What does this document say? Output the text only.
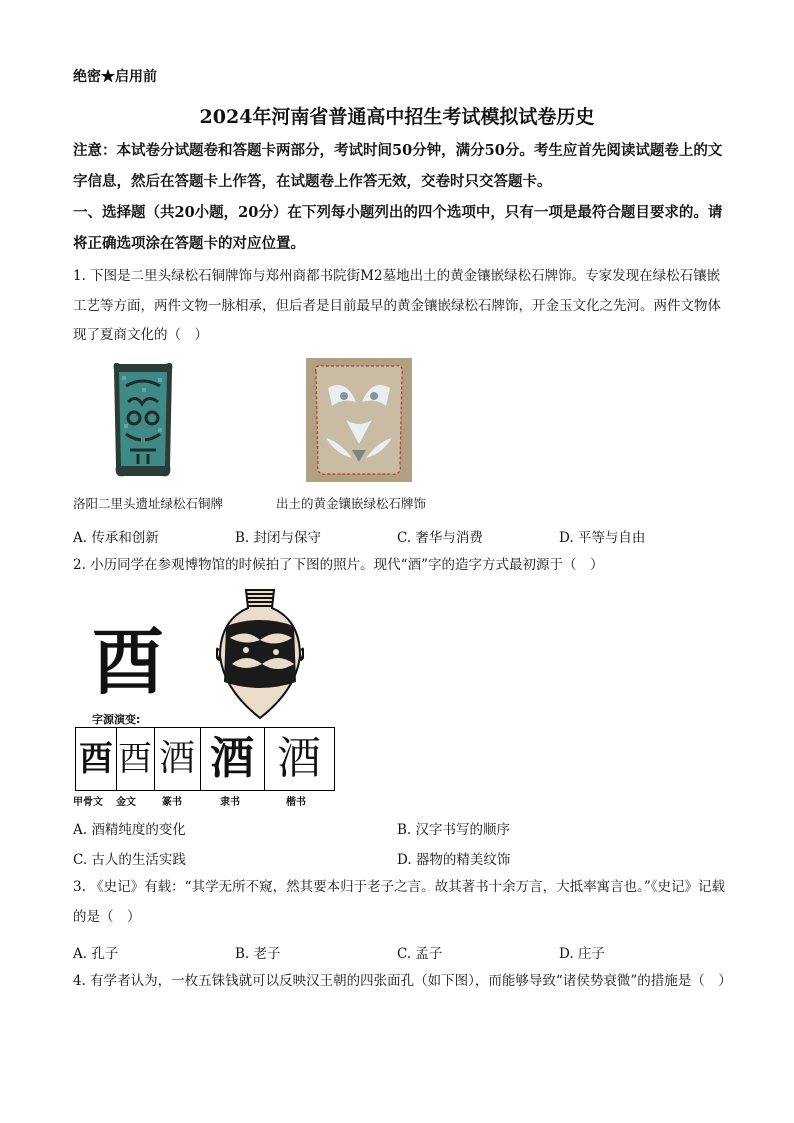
绝密★启用前
2024年河南省普通高中招生考试模拟试卷历史
注意：本试卷分试题卷和答题卡两部分，考试时间50分钟，满分50分。考生应首先阅读试题卷上的文字信息，然后在答题卡上作答，在试题卷上作答无效，交卷时只交答题卡。
一、选择题（共20小题，20分）在下列每小题列出的四个选项中，只有一项是最符合题目要求的。请将正确选项涂在答题卡的对应位置。
1. 下图是二里头绿松石铜牌饰与郑州商都书院街M2墓地出土的黄金镶嵌绿松石牌饰。专家发现在绿松石镶嵌工艺等方面，两件文物一脉相承，但后者是目前最早的黄金镶嵌绿松石牌饰，开金玉文化之先河。两件文物体现了夏商文化的（　）
洛阳二里头遗址绿松石铜牌	出土的黄金镶嵌绿松石牌饰
A. 传承和创新	B. 封闭与保守	C. 奢华与消费	D. 平等与自由
2. 小历同学在参观博物馆的时候拍了下图的照片。现代“酒”字的造字方式最初源于（　）
酉
字源演变:
酉 酉 酒 酒 酒
甲骨文 金文	篆书	隶书	楷书
A. 酒精纯度的变化	B. 汉字书写的顺序
C. 古人的生活实践	D. 器物的精美纹饰
3. 《史记》有载：“其学无所不窥，然其要本归于老子之言。故其著书十余万言，大抵率寓言也。”《史记》记载的是（　）
A. 孔子	B. 老子	C. 孟子	D. 庄子
4. 有学者认为，一枚五铢钱就可以反映汉王朝的四张面孔（如下图），而能够导致“诸侯势衰微”的措施是（　）
